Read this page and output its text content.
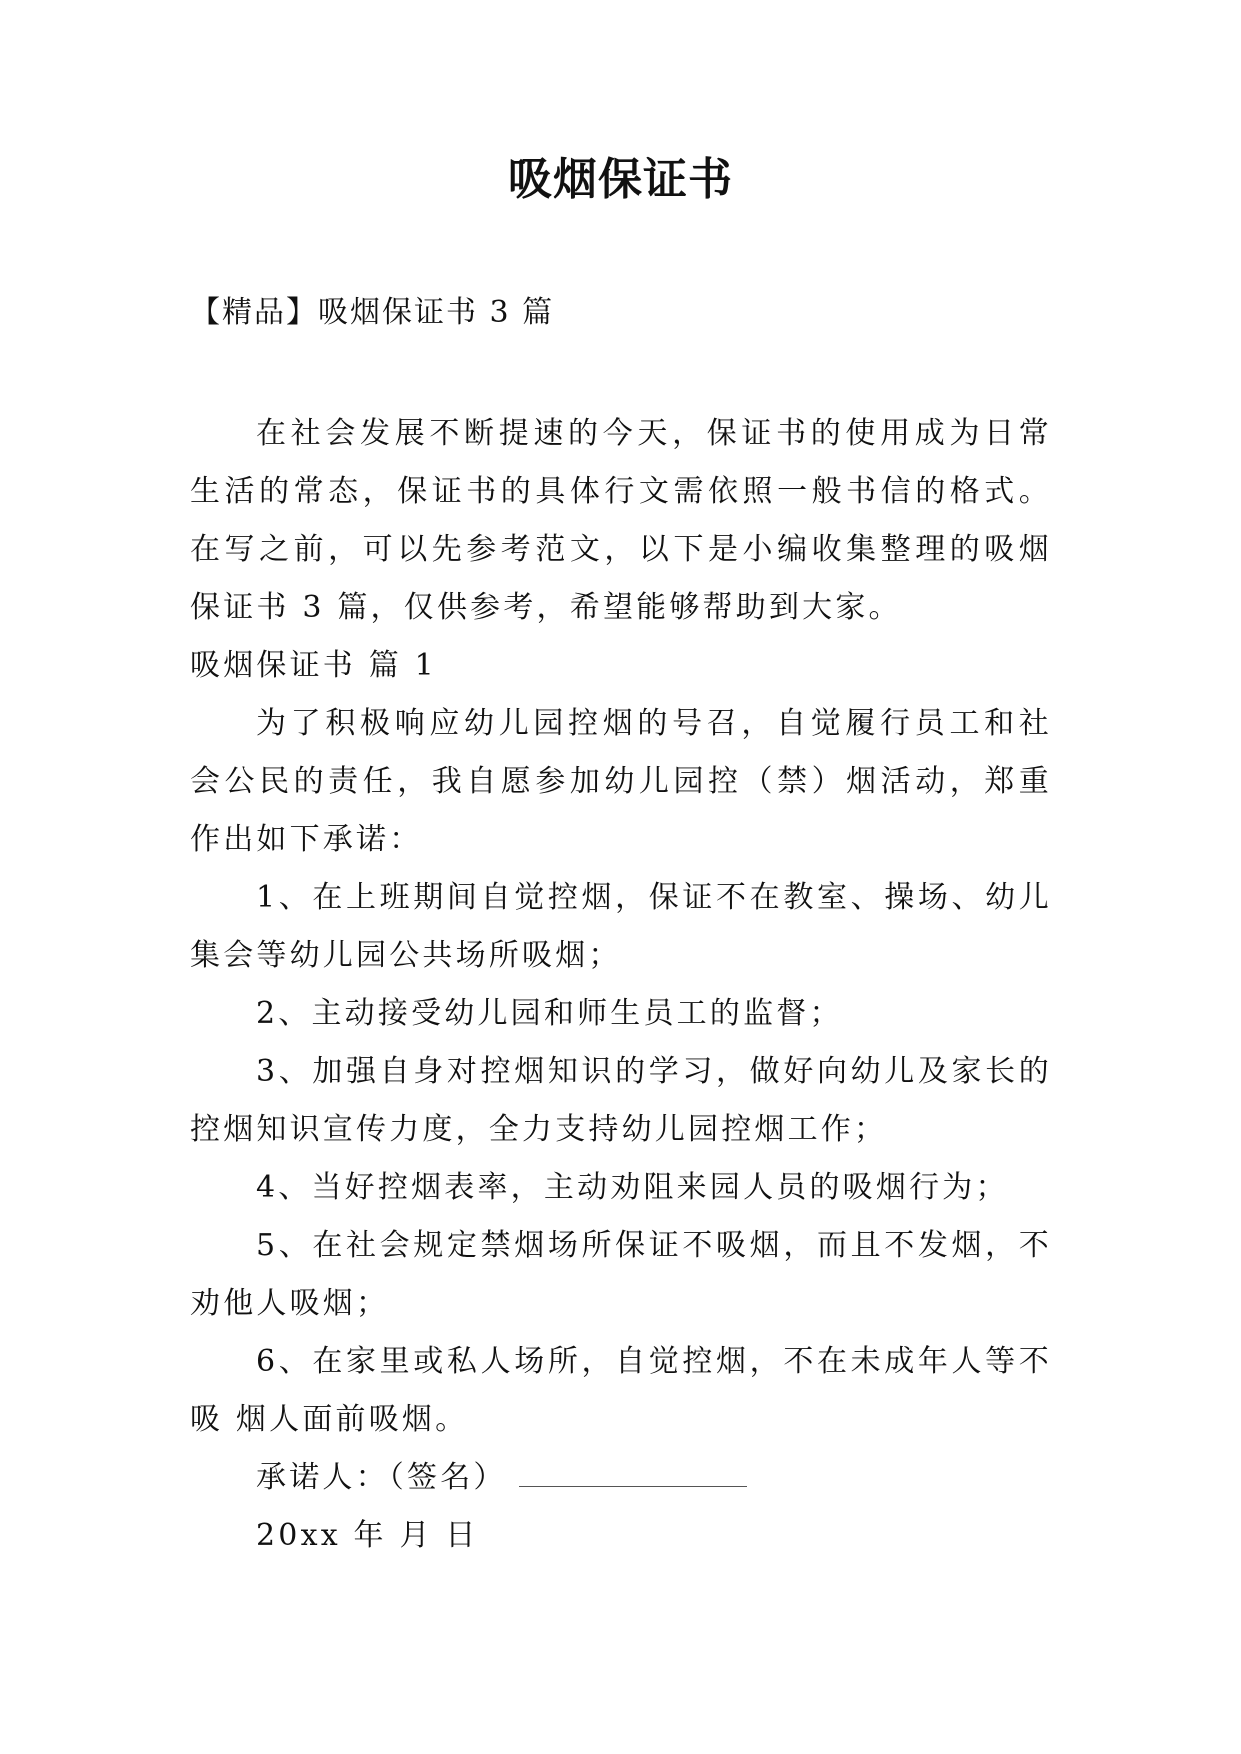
吸烟保证书
【精品】吸烟保证书 3 篇

在社会发展不断提速的今天，保证书的使用成为日常生活的常态，保证书的具体行文需依照一般书信的格式。在写之前，可以先参考范文，以下是小编收集整理的吸烟保证书 3 篇，仅供参考，希望能够帮助到大家。

吸烟保证书 篇 1

为了积极响应幼儿园控烟的号召，自觉履行员工和社会公民的责任，我自愿参加幼儿园控（禁）烟活动，郑重作出如下承诺：

1、在上班期间自觉控烟，保证不在教室、操场、幼儿集会等幼儿园公共场所吸烟；

2、主动接受幼儿园和师生员工的监督；

3、加强自身对控烟知识的学习，做好向幼儿及家长的控烟知识宣传力度，全力支持幼儿园控烟工作；

4、当好控烟表率，主动劝阻来园人员的吸烟行为；

5、在社会规定禁烟场所保证不吸烟，而且不发烟，不劝他人吸烟；

6、在家里或私人场所，自觉控烟，不在未成年人等不吸 烟人面前吸烟。

承诺人：（签名）

20xx 年 月 日
